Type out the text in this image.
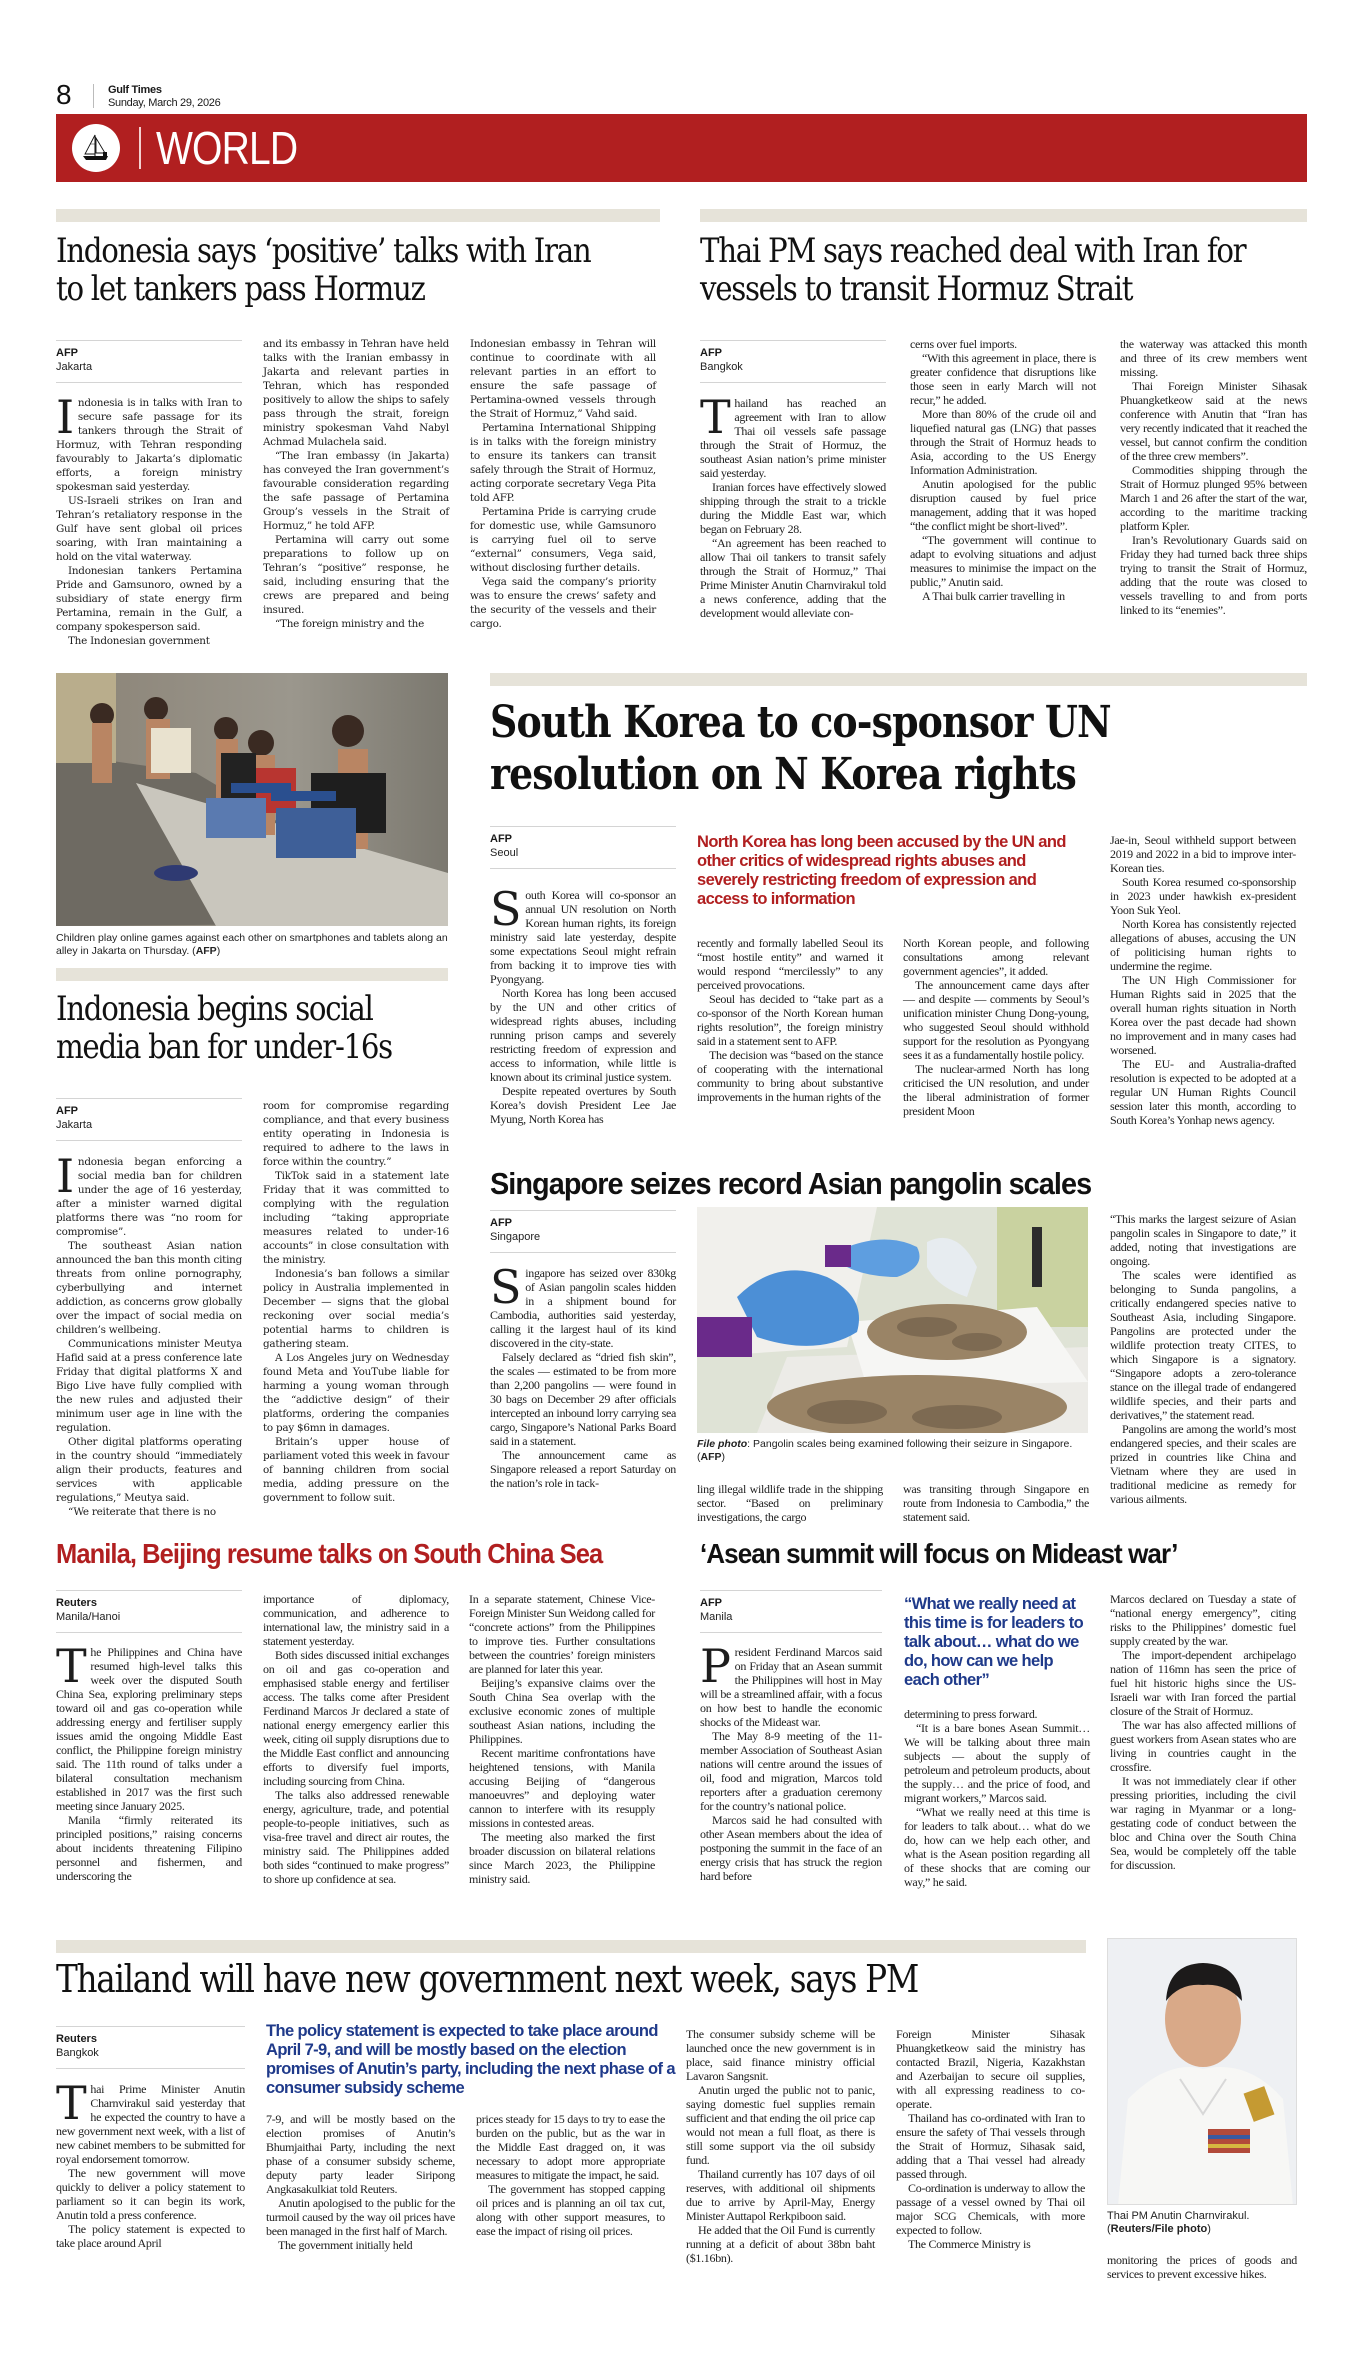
8	Gulf Times
Sunday, March 29, 2026
WORLD
Indonesia says ‘positive’ talks with Iran to let tankers pass Hormuz
AFP
Jakarta
I ndonesia is in talks with Iran to secure safe passage for its tankers through the Strait of Hormuz, with Tehran responding favourably to Jakarta’s diplomatic efforts, a foreign ministry spokesman said yesterday.

US-Israeli strikes on Iran and Tehran’s retaliatory response in the Gulf have sent global oil prices soaring, with Iran maintaining a hold on the vital waterway.

Indonesian tankers Pertamina Pride and Gamsunoro, owned by a subsidiary of state energy firm Pertamina, remain in the Gulf, a company spokesperson said.

The Indonesian government

and its embassy in Tehran have held talks with the Iranian embassy in Jakarta and relevant parties in Tehran, which has responded positively to allow the ships to safely pass through the strait, foreign ministry spokesman Vahd Nabyl Achmad Mulachela said.

“The Iran embassy (in Jakarta) has conveyed the Iran government’s favourable consideration regarding the safe passage of Pertamina Group’s vessels in the Strait of Hormuz,” he told AFP.

Pertamina will carry out some preparations to follow up on Tehran’s “positive” response, he said, including ensuring that the crews are prepared and being insured.

“The foreign ministry and the

Indonesian embassy in Tehran will continue to coordinate with all relevant parties in an effort to ensure the safe passage of Pertamina-owned vessels through the Strait of Hormuz,” Vahd said.

Pertamina International Shipping is in talks with the foreign ministry to ensure its tankers can transit safely through the Strait of Hormuz, acting corporate secretary Vega Pita told AFP.

Pertamina Pride is carrying crude for domestic use, while Gamsunoro is carrying fuel oil to serve “external” consumers, Vega said, without disclosing further details.

Vega said the company’s priority was to ensure the crews’ safety and the security of the vessels and their cargo.

Thai PM says reached deal with Iran for vessels to transit Hormuz Strait
AFP
Bangkok
T hailand has reached an agreement with Iran to allow Thai oil vessels safe passage through the Strait of Hormuz, the southeast Asian nation’s prime minister said yesterday.

Iranian forces have effectively slowed shipping through the strait to a trickle during the Middle East war, which began on February 28.

“An agreement has been reached to allow Thai oil tankers to transit safely through the Strait of Hormuz,” Thai Prime Minister Anutin Charnvirakul told a news conference, adding that the development would alleviate con-

cerns over fuel imports.

“With this agreement in place, there is greater confidence that disruptions like those seen in early March will not recur,” he added.

More than 80% of the crude oil and liquefied natural gas (LNG) that passes through the Strait of Hormuz heads to Asia, according to the US Energy Information Administration.

Anutin apologised for the public disruption caused by fuel price management, adding that it was hoped “the conflict might be short-lived”.

“The government will continue to adapt to evolving situations and adjust measures to minimise the impact on the public,” Anutin said.

A Thai bulk carrier travelling in

the waterway was attacked this month and three of its crew members went missing.

Thai Foreign Minister Sihasak Phuangketkeow said at the news conference with Anutin that “Iran has very recently indicated that it reached the vessel, but cannot confirm the condition of the three crew members”.

Commodities shipping through the Strait of Hormuz plunged 95% between March 1 and 26 after the start of the war, according to the maritime tracking platform Kpler.

Iran’s Revolutionary Guards said on Friday they had turned back three ships trying to transit the Strait of Hormuz, adding that the route was closed to vessels travelling to and from ports linked to its “enemies”.

Children play online games against each other on smartphones and tablets along an alley in Jakarta on Thursday. (AFP)
Indonesia begins social media ban for under-16s
AFP
Jakarta
I ndonesia began enforcing a social media ban for children under the age of 16 yesterday, after a minister warned digital platforms there was “no room for compromise”.

The southeast Asian nation announced the ban this month citing threats from online pornography, cyberbullying and internet addiction, as concerns grow globally over the impact of social media on children’s wellbeing.

Communications minister Meutya Hafid said at a press conference late Friday that digital platforms X and Bigo Live have fully complied with the new rules and adjusted their minimum user age in line with the regulation.

Other digital platforms operating in the country should “immediately align their products, features and services with applicable regulations,” Meutya said.

“We reiterate that there is no

room for compromise regarding compliance, and that every business entity operating in Indonesia is required to adhere to the laws in force within the country.”

TikTok said in a statement late Friday that it was committed to complying with the regulation including “taking appropriate measures related to under-16 accounts” in close consultation with the ministry.

Indonesia’s ban follows a similar policy in Australia implemented in December — signs that the global reckoning over social media’s potential harms to children is gathering steam.

A Los Angeles jury on Wednesday found Meta and YouTube liable for harming a young woman through the “addictive design” of their platforms, ordering the companies to pay $6mn in damages.

Britain’s upper house of parliament voted this week in favour of banning children from social media, adding pressure on the government to follow suit.

South Korea to co-sponsor UN resolution on N Korea rights
AFP
Seoul
North Korea has long been accused by the UN and other critics of widespread rights abuses and severely restricting freedom of expression and access to information
S outh Korea will co-sponsor an annual UN resolution on North Korean human rights, its foreign ministry said late yesterday, despite some expectations Seoul might refrain from backing it to improve ties with Pyongyang.

North Korea has long been accused by the UN and other critics of widespread rights abuses, including running prison camps and severely restricting freedom of expression and access to information, while little is known about its criminal justice system.

Despite repeated overtures by South Korea’s dovish President Lee Jae Myung, North Korea has

recently and formally labelled Seoul its “most hostile entity” and warned it would respond “mercilessly” to any perceived provocations.

Seoul has decided to “take part as a co-sponsor of the North Korean human rights resolution”, the foreign ministry said in a statement sent to AFP.

The decision was “based on the stance of cooperating with the international community to bring about substantive improvements in the human rights of the

North Korean people, and following consultations among relevant government agencies”, it added.

The announcement came days after — and despite — comments by Seoul’s unification minister Chung Dong-young, who suggested Seoul should withhold support for the resolution as Pyongyang sees it as a fundamentally hostile policy.

The nuclear-armed North has long criticised the UN resolution, and under the liberal administration of former president Moon

Jae-in, Seoul withheld support between 2019 and 2022 in a bid to improve inter-Korean ties.

South Korea resumed co-sponsorship in 2023 under hawkish ex-president Yoon Suk Yeol.

North Korea has consistently rejected allegations of abuses, accusing the UN of politicising human rights to undermine the regime.

The UN High Commissioner for Human Rights said in 2025 that the overall human rights situation in North Korea over the past decade had shown no improvement and in many cases had worsened.

The EU- and Australia-drafted resolution is expected to be adopted at a regular UN Human Rights Council session later this month, according to South Korea’s Yonhap news agency.

Singapore seizes record Asian pangolin scales
AFP
Singapore
S ingapore has seized over 830kg of Asian pangolin scales hidden in a shipment bound for Cambodia, authorities said yesterday, calling it the largest haul of its kind discovered in the city-state.

Falsely declared as “dried fish skin”, the scales — estimated to be from more than 2,200 pangolins — were found in 30 bags on December 29 after officials intercepted an inbound lorry carrying sea cargo, Singapore’s National Parks Board said in a statement.

The announcement came as Singapore released a report Saturday on the nation’s role in tack-

File photo: Pangolin scales being examined following their seizure in Singapore. (AFP)

ling illegal wildlife trade in the shipping sector. “Based on preliminary investigations, the cargo

was transiting through Singapore en route from Indonesia to Cambodia,” the statement said.

“This marks the largest seizure of Asian pangolin scales in Singapore to date,” it added, noting that investigations are ongoing.

The scales were identified as belonging to Sunda pangolins, a critically endangered species native to Southeast Asia, including Singapore. Pangolins are protected under the wildlife protection treaty CITES, to which Singapore is a signatory. “Singapore adopts a zero-tolerance stance on the illegal trade of endangered wildlife species, and their parts and derivatives,” the statement read.

Pangolins are among the world’s most endangered species, and their scales are prized in countries like China and Vietnam where they are used in traditional medicine as remedy for various ailments.

Manila, Beijing resume talks on South China Sea
Reuters
Manila/Hanoi
T he Philippines and China have resumed high-level talks this week over the disputed South China Sea, exploring preliminary steps toward oil and gas co-operation while addressing energy and fertiliser supply issues amid the ongoing Middle East conflict, the Philippine foreign ministry said. The 11th round of talks under a bilateral consultation mechanism established in 2017 was the first such meeting since January 2025.

Manila “firmly reiterated its principled positions,” raising concerns about incidents threatening Filipino personnel and fishermen, and underscoring the

importance of diplomacy, communication, and adherence to international law, the ministry said in a statement yesterday.

Both sides discussed initial exchanges on oil and gas co-operation and emphasised stable energy and fertiliser access. The talks come after President Ferdinand Marcos Jr declared a state of national energy emergency earlier this week, citing oil supply disruptions due to the Middle East conflict and announcing efforts to diversify fuel imports, including sourcing from China.

The talks also addressed renewable energy, agriculture, trade, and potential people-to-people initiatives, such as visa-free travel and direct air routes, the ministry said. The Philippines added both sides “continued to make progress” to shore up confidence at sea.

In a separate statement, Chinese Vice-Foreign Minister Sun Weidong called for “concrete actions” from the Philippines to improve ties. Further consultations between the countries’ foreign ministers are planned for later this year.

Beijing’s expansive claims over the South China Sea overlap with the exclusive economic zones of multiple southeast Asian nations, including the Philippines.

Recent maritime confrontations have heightened tensions, with Manila accusing Beijing of “dangerous manoeuvres” and deploying water cannon to interfere with its resupply missions in contested areas.

The meeting also marked the first broader discussion on bilateral relations since March 2023, the Philippine ministry said.

‘Asean summit will focus on Mideast war’
AFP
Manila
P resident Ferdinand Marcos said on Friday that an Asean summit the Philippines will host in May will be a streamlined affair, with a focus on how best to handle the economic shocks of the Mideast war.

The May 8-9 meeting of the 11-member Association of Southeast Asian nations will centre around the issues of oil, food and migration, Marcos told reporters after a graduation ceremony for the country’s national police.

Marcos said he had consulted with other Asean members about the idea of postponing the summit in the face of an energy crisis that has struck the region hard before

“What we really need at this time is for leaders to talk about… what do we do, how can we help each other”

determining to press forward.

“It is a bare bones Asean Summit… We will be talking about three main subjects — about the supply of petroleum and petroleum products, about the supply… and the price of food, and migrant workers,” Marcos said.

“What we really need at this time is for leaders to talk about… what do we do, how can we help each other, and what is the Asean position regarding all of these shocks that are coming our way,” he said.

Marcos declared on Tuesday a state of “national energy emergency”, citing risks to the Philippines’ domestic fuel supply created by the war.

The import-dependent archipelago nation of 116mn has seen the price of fuel hit historic highs since the US-Israeli war with Iran forced the partial closure of the Strait of Hormuz.

The war has also affected millions of guest workers from Asean states who are living in countries caught in the crossfire.

It was not immediately clear if other pressing priorities, including the civil war raging in Myanmar or a long-gestating code of conduct between the bloc and China over the South China Sea, would be completely off the table for discussion.

Thailand will have new government next week, says PM
Reuters
Bangkok
T hai Prime Minister Anutin Charnvirakul said yesterday that he expected the country to have a new government next week, with a list of new cabinet members to be submitted for royal endorsement tomorrow.

The new government will move quickly to deliver a policy statement to parliament so it can begin its work, Anutin told a press conference.

The policy statement is expected to take place around April

The policy statement is expected to take place around April 7-9, and will be mostly based on the election promises of Anutin’s party, including the next phase of a consumer subsidy scheme

7-9, and will be mostly based on the election promises of Anutin’s Bhumjaithai Party, including the next phase of a consumer subsidy scheme, deputy party leader Siripong Angkasakulkiat told Reuters.

Anutin apologised to the public for the turmoil caused by the way oil prices have been managed in the first half of March.

The government initially held

prices steady for 15 days to try to ease the burden on the public, but as the war in the Middle East dragged on, it was necessary to adopt more appropriate measures to mitigate the impact, he said.

The government has stopped capping oil prices and is planning an oil tax cut, along with other support measures, to ease the impact of rising oil prices.

The consumer subsidy scheme will be launched once the new government is in place, said finance ministry official Lavaron Sangsnit.

Anutin urged the public not to panic, saying domestic fuel supplies remain sufficient and that ending the oil price cap would not mean a full float, as there is still some support via the oil subsidy fund.

Thailand currently has 107 days of oil reserves, with additional oil shipments due to arrive by April-May, Energy Minister Auttapol Rerkpiboon said.

He added that the Oil Fund is currently running at a deficit of about 38bn baht ($1.16bn).

Foreign Minister Sihasak Phuangketkeow said the ministry has contacted Brazil, Nigeria, Kazakhstan and Azerbaijan to secure oil supplies, with all expressing readiness to co-operate.

Thailand has co-ordinated with Iran to ensure the safety of Thai vessels through the Strait of Hormuz, Sihasak said, adding that a Thai vessel had already passed through.

Co-ordination is underway to allow the passage of a vessel owned by Thai oil major SCG Chemicals, with more expected to follow.

The Commerce Ministry is

Thai PM Anutin Charnvirakul.
(Reuters/File photo)

monitoring the prices of goods and services to prevent excessive hikes.
